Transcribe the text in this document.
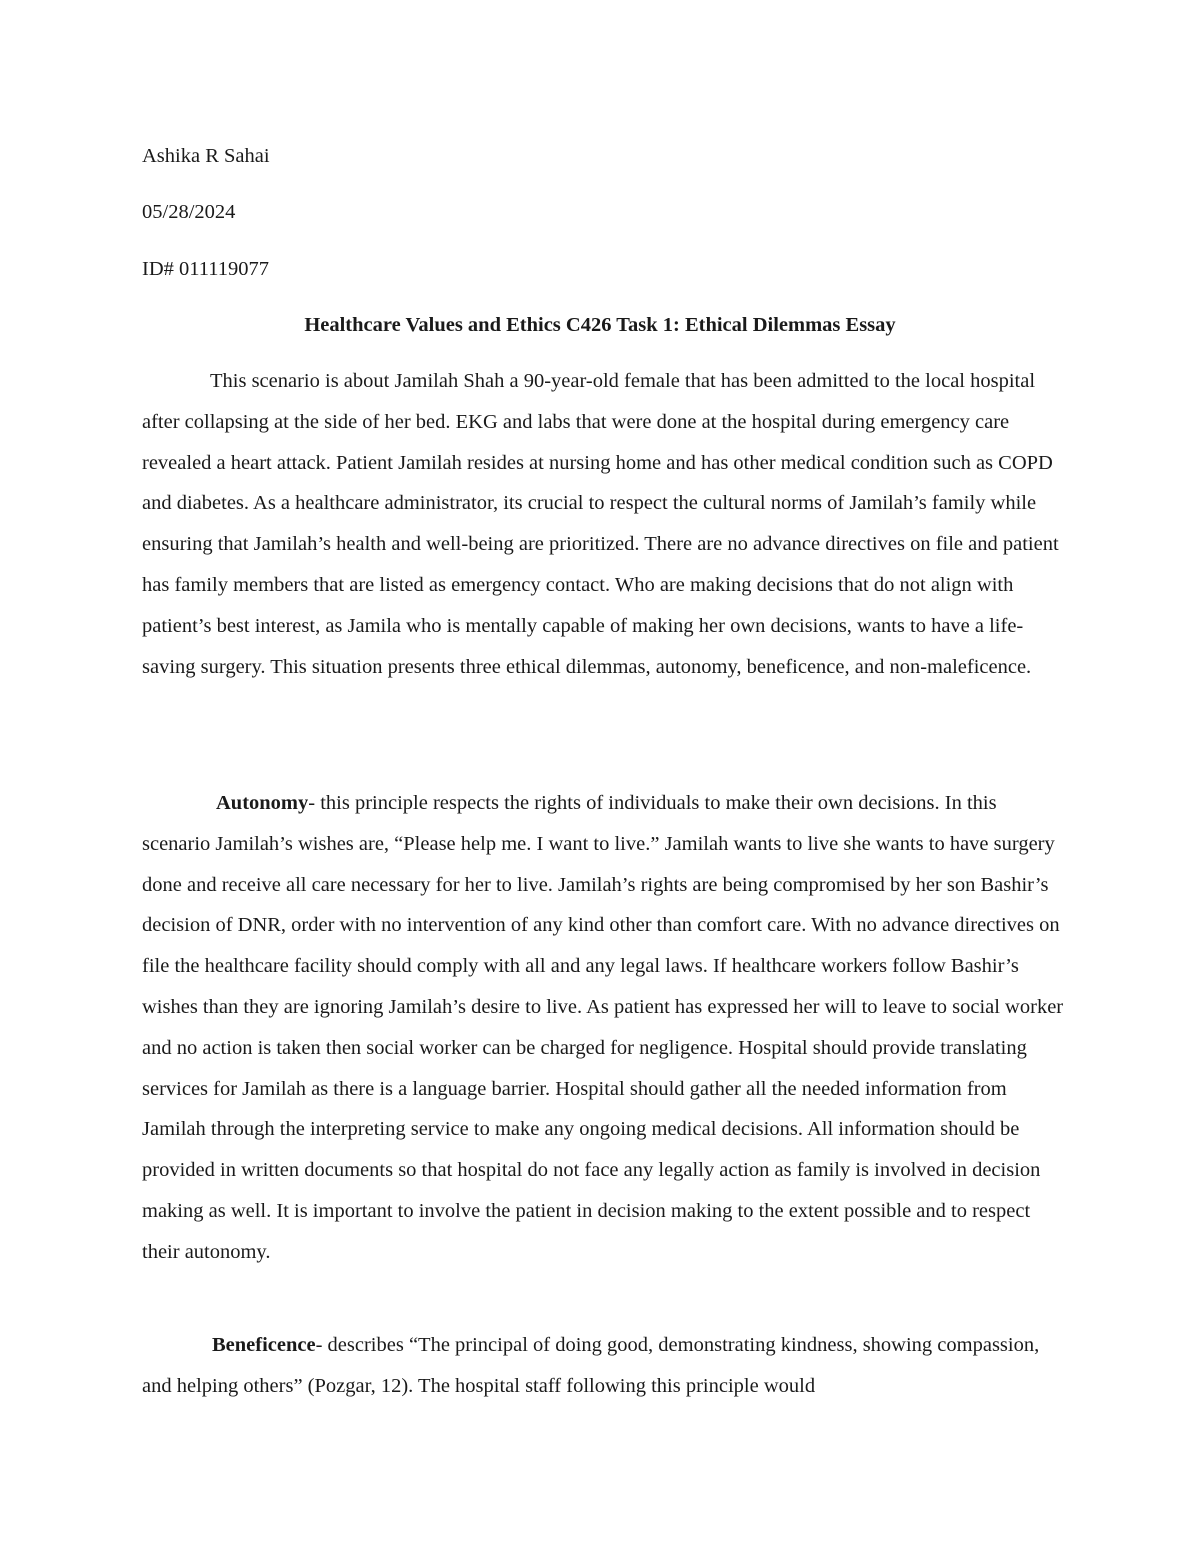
Ashika R Sahai
05/28/2024
ID# 011119077
Healthcare Values and Ethics C426 Task 1: Ethical Dilemmas Essay

This scenario is about Jamilah Shah a 90-year-old female that has been admitted to the local hospital after collapsing at the side of her bed. EKG and labs that were done at the hospital during emergency care revealed a heart attack. Patient Jamilah resides at nursing home and has other medical condition such as COPD and diabetes. As a healthcare administrator, its crucial to respect the cultural norms of Jamilah’s family while ensuring that Jamilah’s health and well-being are prioritized. There are no advance directives on file and patient has family members that are listed as emergency contact. Who are making decisions that do not align with patient’s best interest, as Jamila who is mentally capable of making her own decisions, wants to have a life-saving surgery. This situation presents three ethical dilemmas, autonomy, beneficence, and non-maleficence.

Autonomy- this principle respects the rights of individuals to make their own decisions. In this scenario Jamilah’s wishes are, “Please help me. I want to live.” Jamilah wants to live she wants to have surgery done and receive all care necessary for her to live. Jamilah’s rights are being compromised by her son Bashir’s decision of DNR, order with no intervention of any kind other than comfort care. With no advance directives on file the healthcare facility should comply with all and any legal laws. If healthcare workers follow Bashir’s wishes than they are ignoring Jamilah’s desire to live. As patient has expressed her will to leave to social worker and no action is taken then social worker can be charged for negligence. Hospital should provide translating services for Jamilah as there is a language barrier. Hospital should gather all the needed information from Jamilah through the interpreting service to make any ongoing medical decisions. All information should be provided in written documents so that hospital do not face any legally action as family is involved in decision making as well. It is important to involve the patient in decision making to the extent possible and to respect their autonomy.

Beneficence- describes “The principal of doing good, demonstrating kindness, showing compassion, and helping others” (Pozgar, 12). The hospital staff following this principle would
